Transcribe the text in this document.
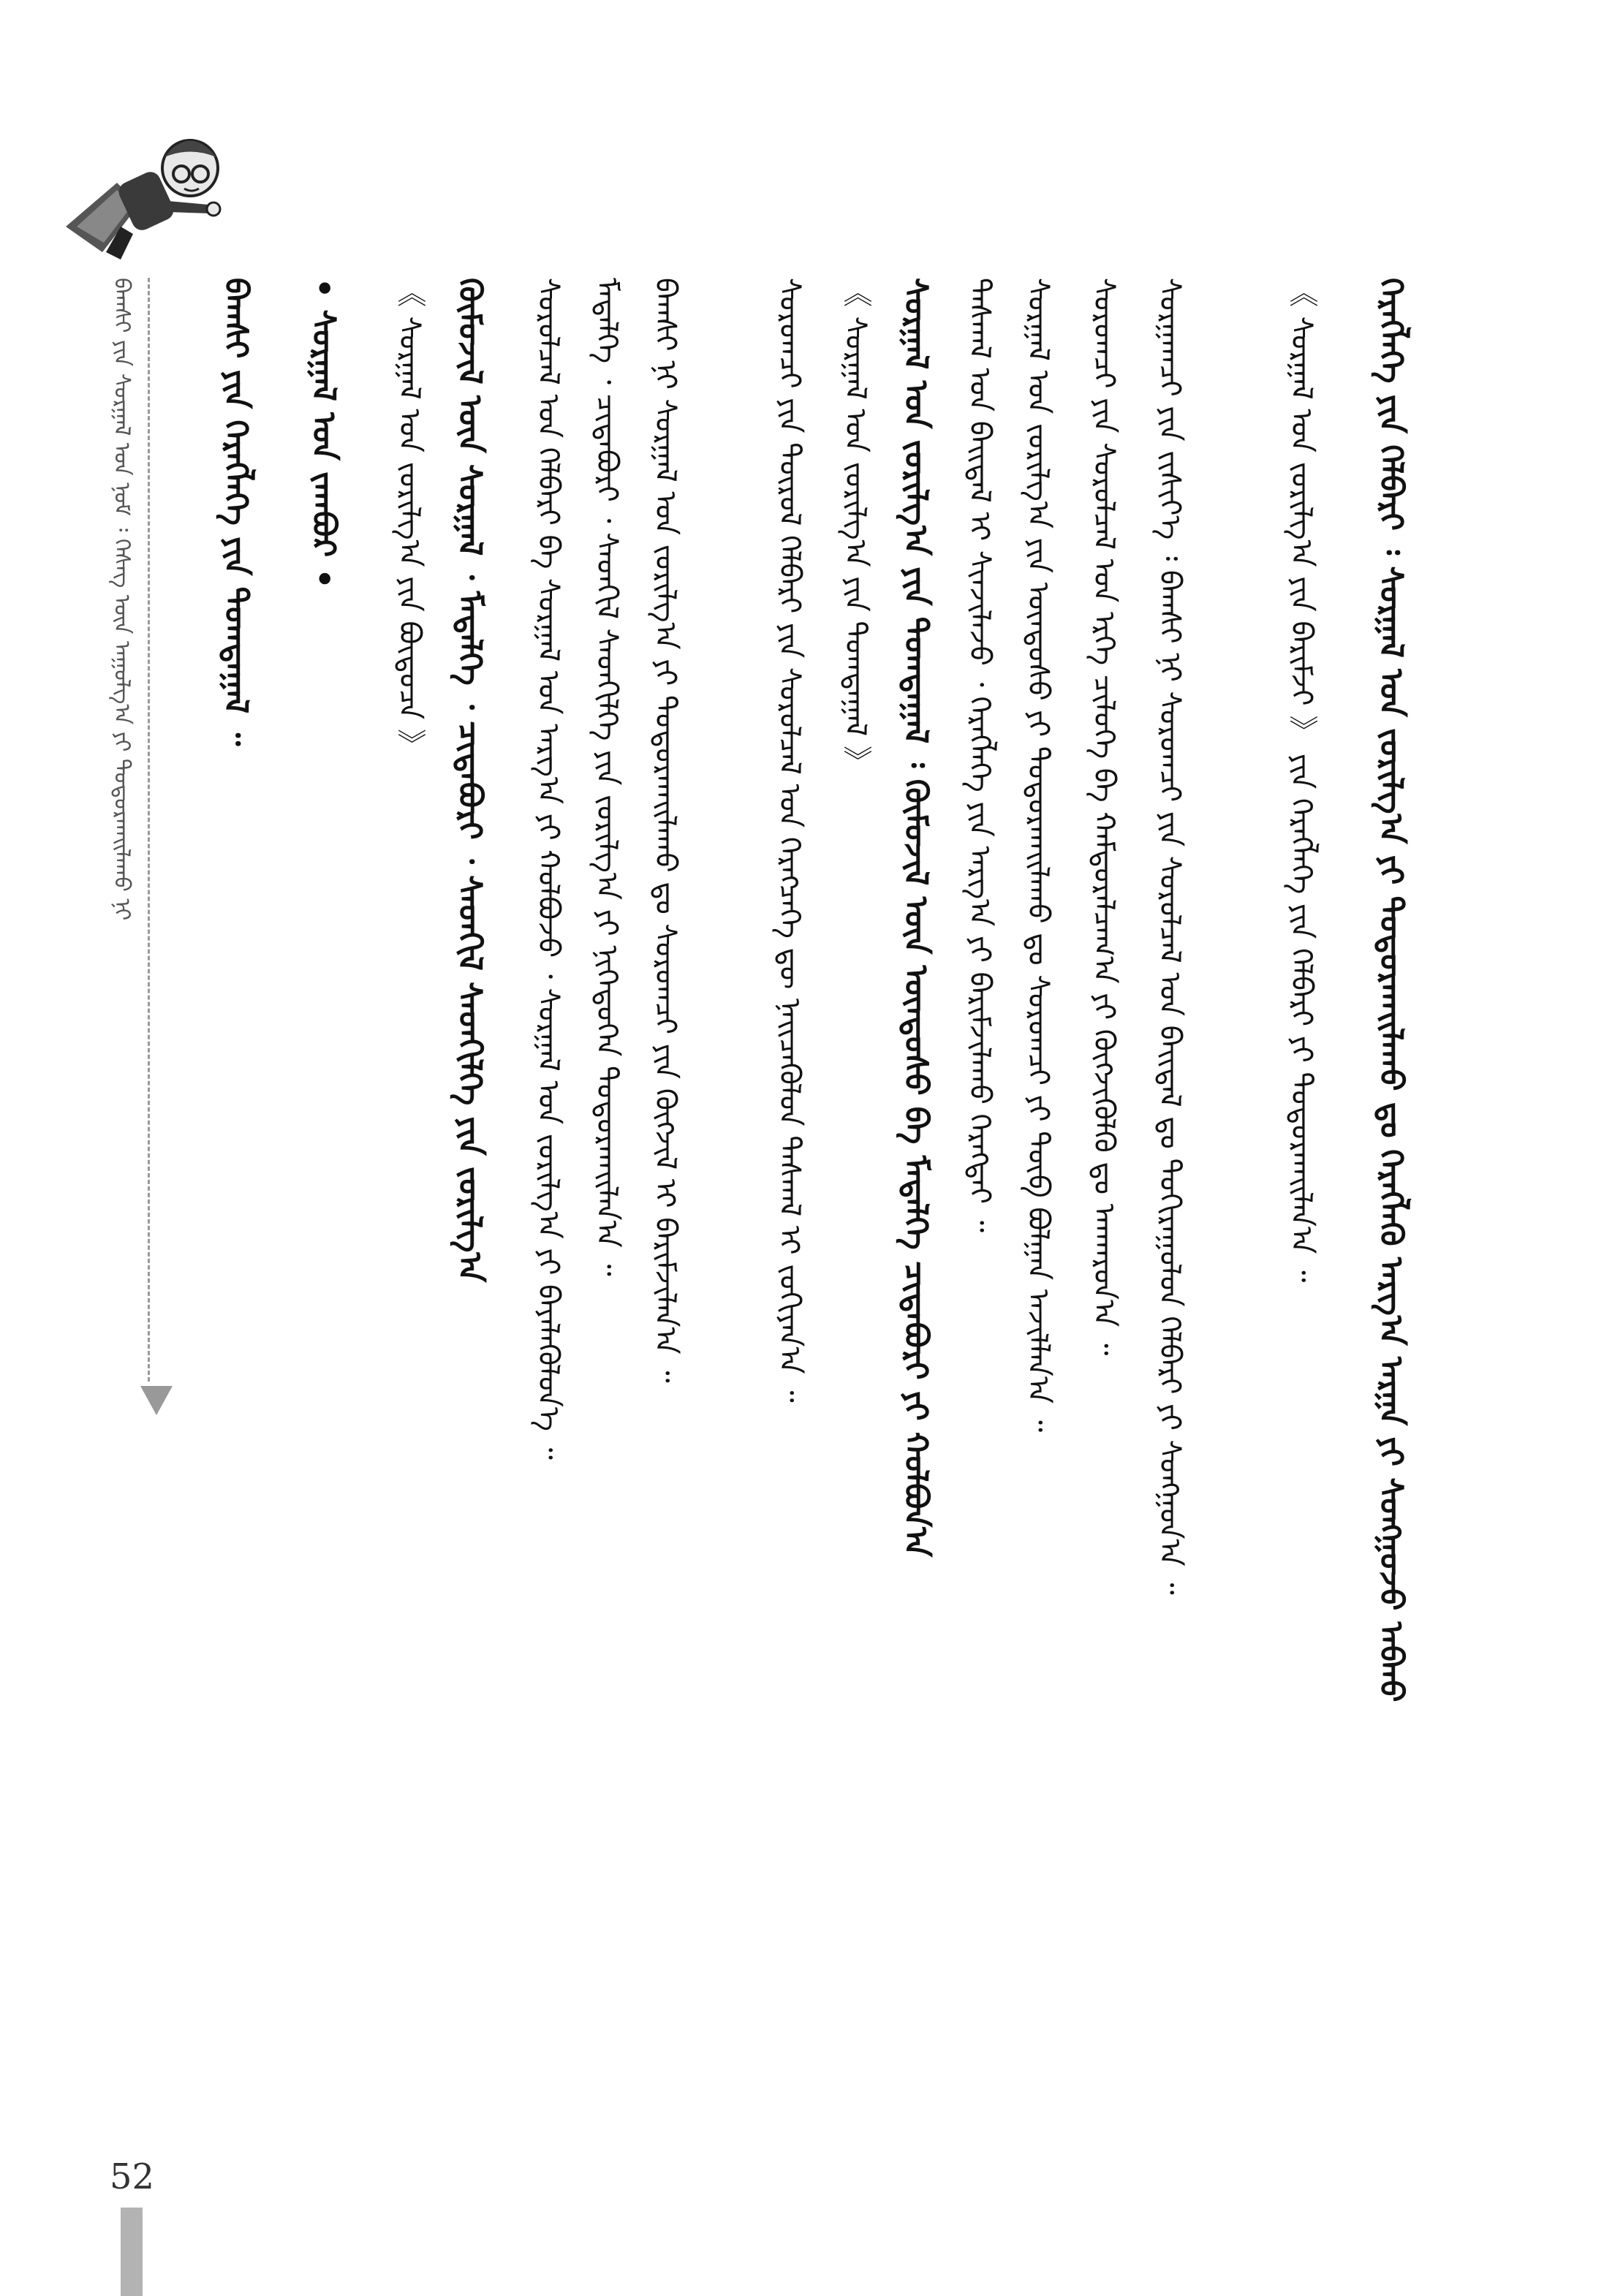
ᠪᠠᠭᠰᠢ ᠶᠢᠨ ᠰᠤᠷᠭᠠᠯ ᠤᠨ ᠨᠣᠮ ᠄ ᠬᠡᠰᠡᠭ ᠦᠨ ᠠᠭᠤᠯᠭ᠎ᠠ ᠶᠢ ᠲᠣᠳᠣᠷᠬᠠᠢᠯᠠᠬᠤ ᠨᠢ	ᠪᠠᠭᠰᠢ ᠶᠢᠨ ᠬᠡᠷᠡᠭᠯᠡᠭᠡ ᠶᠢᠨ ᠲᠣᠭᠲᠠᠭᠠᠯ ᠃ • ᠰᠤᠷᠭᠠᠯ ᠤᠨ ᠵᠠᠭᠪᠤᠷ • 《 ᠰᠤᠷᠭᠠᠯ ᠤᠨ ᠵᠣᠷᠢᠯᠭ᠎ᠠ ᠶᠢᠨ ᠪᠦᠲᠦᠴᠡ 》 ᠬᠦᠮᠦᠵᠢᠯ ᠦᠨ ᠰᠤᠷᠭᠠᠯ ᠂ ᠮᠡᠳᠡᠯᠭᠡ ᠂ ᠴᠢᠳᠠᠪᠤᠷᠢ ᠂ ᠰᠡᠳᠬᠢᠯ ᠰᠡᠳᠬᠢᠯᠭᠡ ᠶᠢᠨ ᠵᠣᠷᠢᠯᠭ᠎ᠠ ᠰᠤᠷᠤᠯᠴᠠᠯ ᠤᠨ ᠬᠡᠯᠪᠡᠷᠢ ᠪᠠ ᠰᠤᠷᠭᠠᠯ ᠤᠨ ᠠᠷᠭ᠎ᠠ ᠶᠢ ᠬᠣᠯᠪᠣᠵᠤ ᠂ ᠰᠤᠷᠭᠠᠯ ᠤᠨ ᠵᠣᠷᠢᠯᠭ᠎ᠠ ᠶᠢ ᠪᠡᠶᠡᠯᠡᠭᠦᠯᠦᠨ᠎ᠡ ᠃ ᠮᠡᠳᠡᠯᠭᠡ ᠂ ᠴᠢᠳᠠᠪᠤᠷᠢ ᠂ ᠰᠡᠳᠬᠢᠯ ᠰᠡᠳᠬᠢᠯᠭᠡ ᠶᠢᠨ ᠵᠣᠷᠢᠯᠭ᠎ᠠ ᠶᠢ ᠨᠢᠭᠡᠳᠦᠭᠡᠨ ᠲᠣᠳᠣᠷᠬᠠᠢᠯᠠᠨ᠎ᠠ ᠃ ᠪᠠᠭᠰᠢ ᠨᠢ ᠰᠤᠷᠭᠠᠯ ᠤᠨ ᠵᠣᠷᠢᠯᠭ᠎ᠠ ᠶᠢ ᠲᠣᠳᠣᠷᠬᠠᠢᠯᠠᠬᠤ ᠳᠤ ᠰᠤᠷᠤᠭᠴᠢ ᠶᠢᠨ ᠬᠥᠭᠵᠢᠯ ᠢ ᠪᠠᠷᠢᠮᠵᠢᠯᠠᠨ᠎ᠠ ᠃	ᠰᠤᠷᠤᠭᠴᠢ ᠶᠢᠨ ᠲᠥᠷᠦᠯ ᠬᠡᠯᠪᠡᠷᠢ ᠶᠢᠨ ᠰᠤᠷᠤᠯᠴᠠᠯ ᠤᠨ ᠬᠡᠷᠡᠭᠴᠡᠭᠡ ᠳᠦ ᠨᠡᠢᠴᠡᠭᠦᠯᠦᠨ ᠳᠠᠰᠬᠠᠯ ᠢ ᠵᠣᠬᠢᠶᠠᠨ᠎ᠠ ᠃ 《 ᠰᠤᠷᠭᠠᠯ ᠤᠨ ᠵᠣᠷᠢᠯᠭ᠎ᠠ ᠶᠢᠨ ᠲᠣᠭᠲᠠᠭᠠᠯ 》 ᠰᠤᠷᠭᠠᠯ ᠤᠨ ᠵᠣᠷᠢᠯᠭ᠎ᠠ ᠶᠢᠨ ᠲᠣᠭᠲᠠᠭᠠᠯ ᠄ ᠬᠦᠮᠦᠵᠢᠯ ᠦᠨ ᠦᠨᠳᠦᠰᠦ ᠪᠠ ᠮᠡᠳᠡᠯᠭᠡ ᠴᠢᠳᠠᠪᠤᠷᠢ ᠶᠢ ᠬᠣᠯᠪᠣᠨ᠎ᠠ ᠳᠠᠰᠬᠠᠯ ᠤᠨ ᠪᠠᠢᠳᠠᠯ ᠢ ᠰᠢᠨᠵᠢᠯᠡᠵᠦ ᠂ ᠬᠡᠷᠡᠭᠯᠡᠭᠡ ᠶᠢᠨ ᠠᠷᠭ᠎ᠠ ᠶᠢ ᠪᠠᠷᠢᠮᠵᠢᠯᠠᠬᠤ ᠬᠡᠷᠡᠭᠲᠡᠢ ᠃ ᠰᠤᠷᠭᠠᠯ ᠤᠨ ᠵᠣᠷᠢᠯᠭ᠎ᠠ ᠶᠢᠨ ᠦᠨᠳᠦᠰᠦ ᠶᠢ ᠲᠣᠳᠣᠷᠬᠠᠢᠯᠠᠬᠤ ᠳᠤ ᠰᠤᠷᠤᠭᠴᠢ ᠶᠢ ᠲᠥᠪ ᠪᠣᠯᠭᠠᠨ ᠠᠵᠢᠯᠯᠠᠨ᠎ᠠ ᠃ ᠰᠤᠷᠤᠭᠴᠢ ᠶᠢᠨ ᠰᠤᠷᠤᠯᠴᠠᠯ ᠤᠨ ᠡᠷᠬᠡ ᠴᠢᠯᠦᠭᠡ ᠪᠠ ᠬᠠᠮᠲᠤᠷᠠᠯᠴᠠᠭ᠎ᠠ ᠶᠢ ᠬᠥᠭᠵᠢᠭᠦᠯᠬᠦ ᠳᠤ ᠠᠨᠬᠠᠷᠤᠨ᠎ᠠ ᠃ ᠰᠤᠷᠭᠠᠭᠴᠢ ᠶᠢᠨ ᠵᠢᠱᠢᠶ᠎ᠡ ᠄ ᠪᠠᠭᠰᠢ ᠨᠢ ᠰᠤᠷᠤᠭᠴᠢ ᠶᠢᠨ ᠰᠤᠷᠤᠯᠴᠠᠯ ᠤᠨ ᠪᠠᠢᠳᠠᠯ ᠳᠤ ᠲᠣᠬᠢᠷᠠᠭᠤᠯᠤᠨ ᠬᠡᠯᠪᠡᠷᠢ ᠶᠢ ᠰᠣᠩᠭᠣᠨ᠎ᠠ ᠃	《 ᠰᠤᠷᠭᠠᠯ ᠤᠨ ᠵᠣᠷᠢᠯᠭ᠎ᠠ ᠶᠢᠨ ᠪᠠᠷᠢᠮᠵᠢ 》 ᠶᠢᠨ ᠬᠡᠷᠡᠭᠯᠡᠭᠡ ᠶᠢᠨ ᠬᠡᠯᠪᠡᠷᠢ ᠶᠢ ᠲᠣᠳᠣᠷᠬᠠᠢᠯᠠᠨ᠎ᠠ ᠃ ᠬᠡᠷᠡᠭᠯᠡᠭᠡ ᠶᠢᠨ ᠬᠡᠯᠪᠡᠷᠢ ᠄ ᠰᠤᠷᠭᠠᠯ ᠤᠨ ᠵᠣᠷᠢᠯᠭ᠎ᠠ ᠶᠢ ᠲᠣᠳᠣᠷᠬᠠᠢᠯᠠᠬᠤ ᠳᠤ ᠬᠡᠷᠡᠭᠯᠡᠬᠦ ᠠᠷᠭ᠎ᠠ ᠠᠷᠭᠠ ᠶᠢ ᠰᠣᠩᠭᠣᠵᠤ ᠠᠪᠬᠤ
52
